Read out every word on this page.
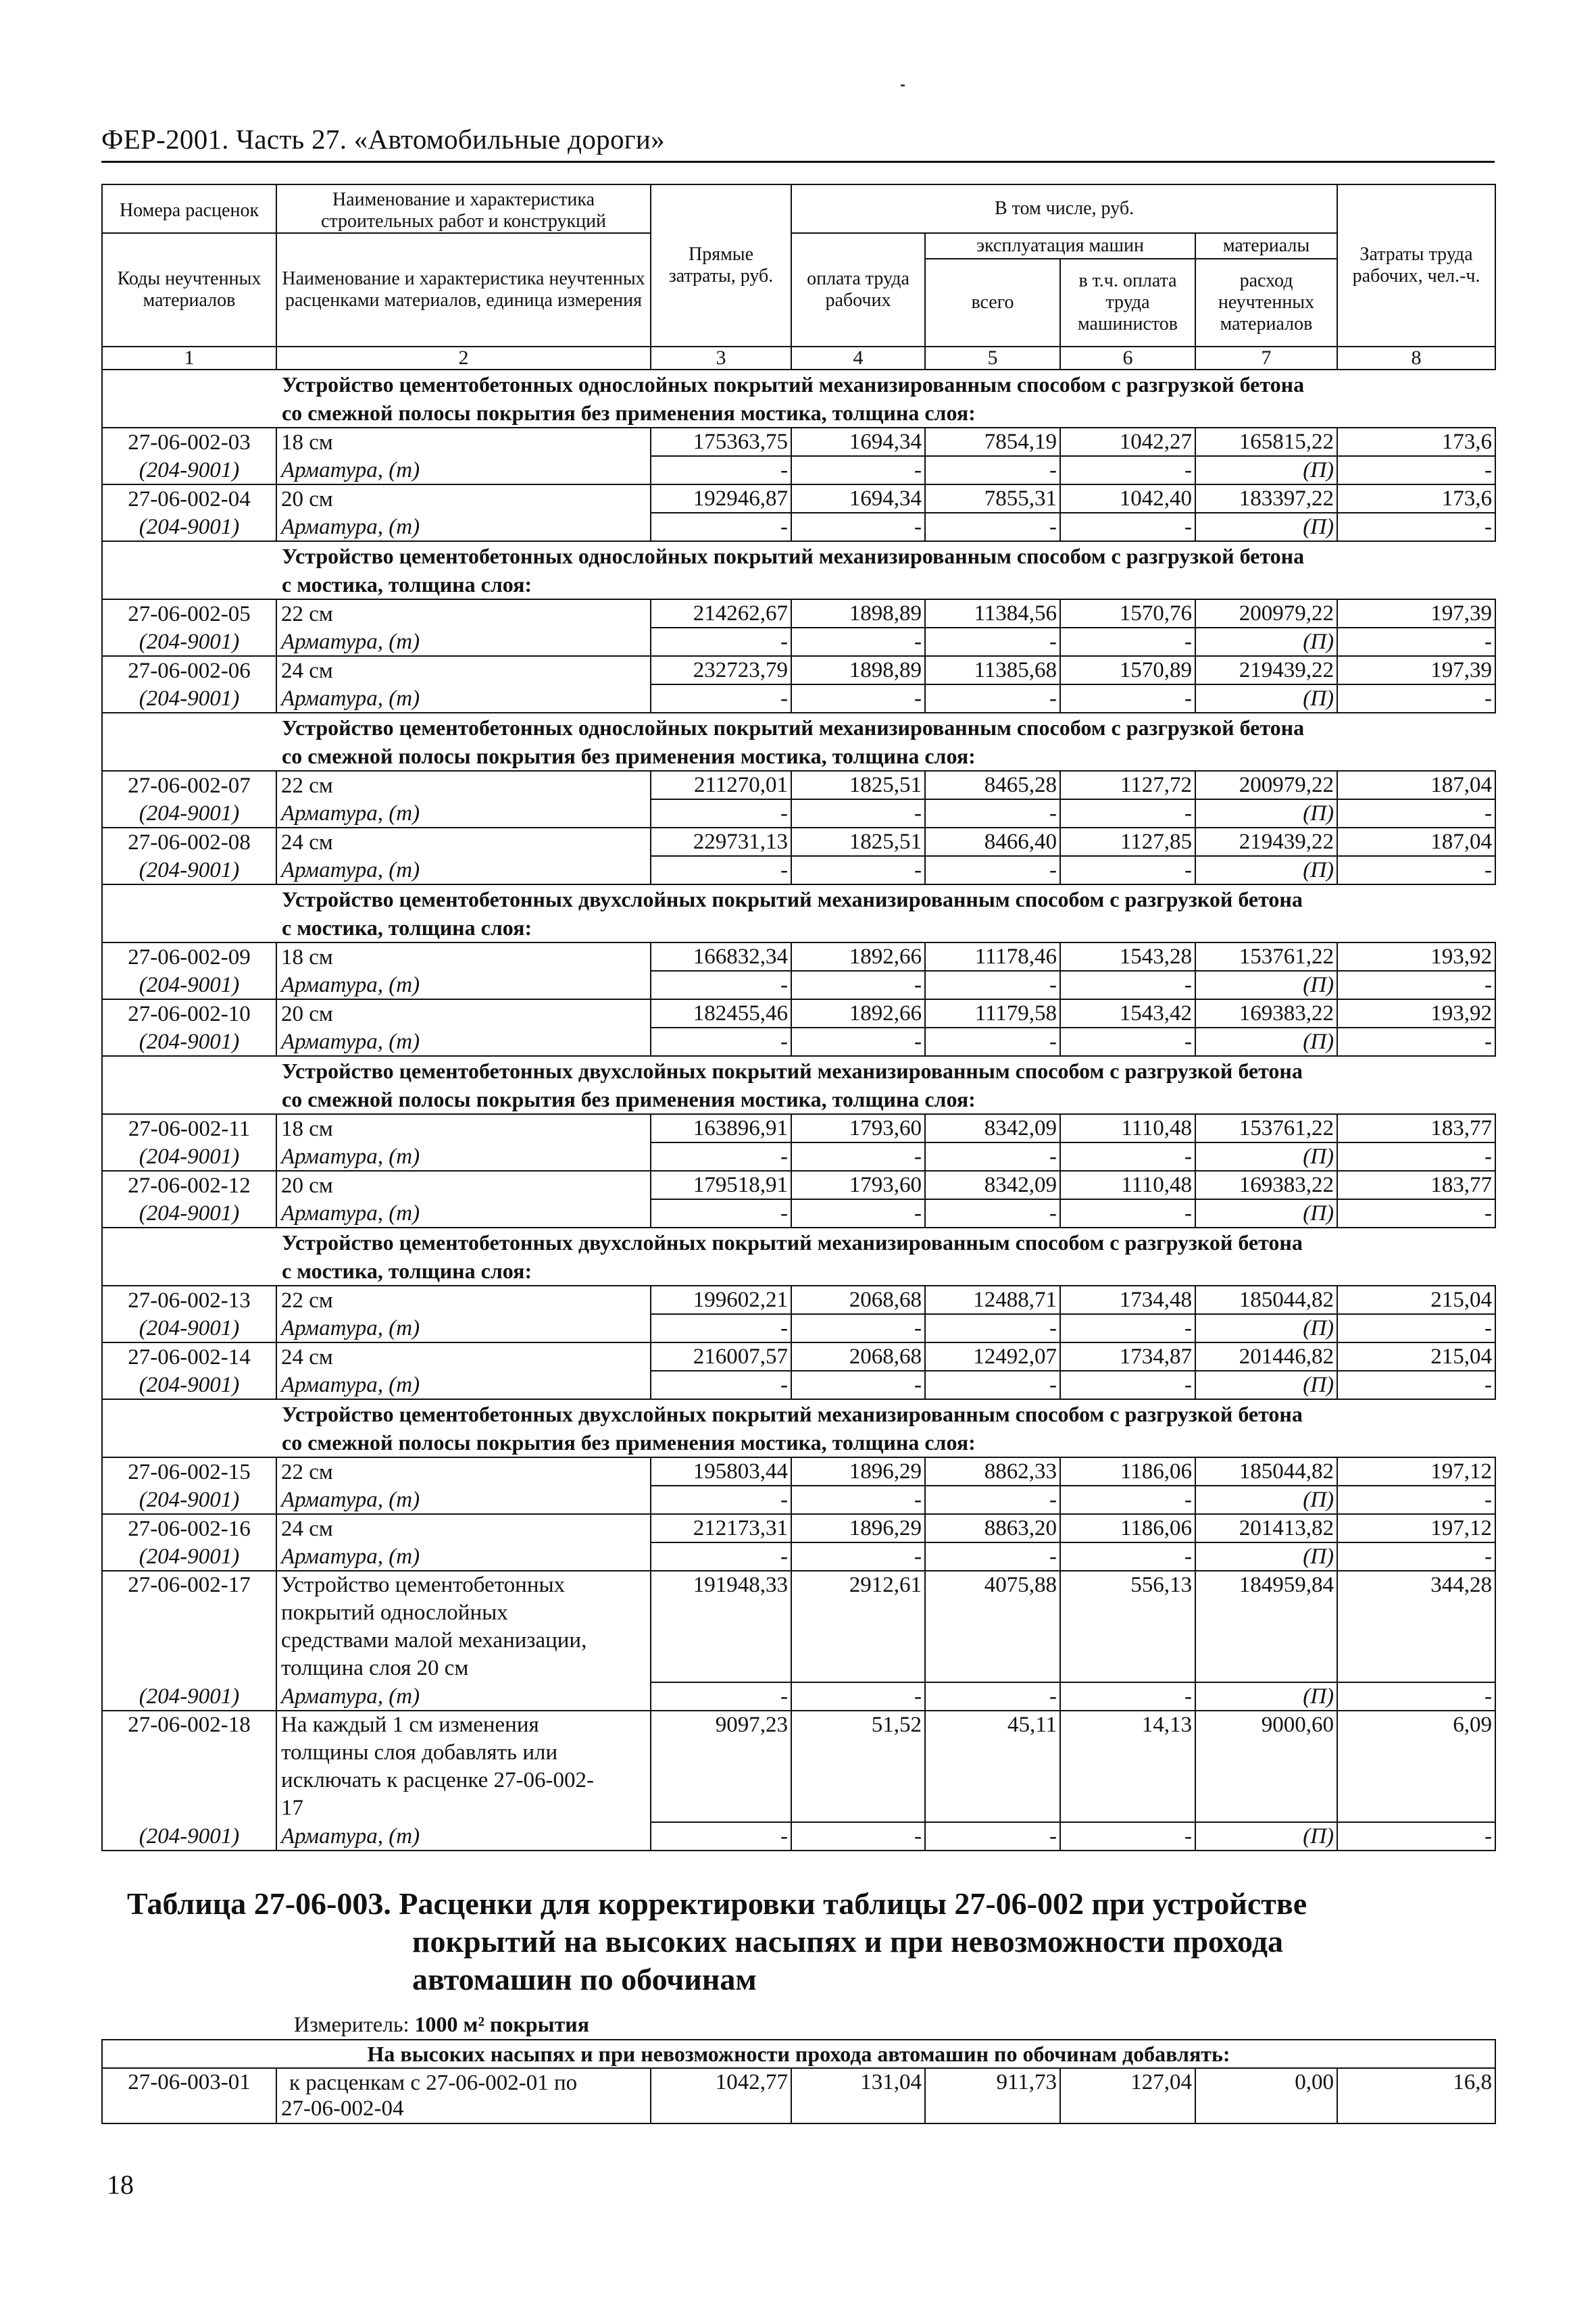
ФЕР-2001. Часть 27. «Автомобильные дороги»
Номера расценок	Наименование и характеристика строительных работ и конструкций	Прямые затраты, руб.	В том числе, руб.				Затраты труда рабочих, чел.-ч.
Коды неучтенных материалов	Наименование и характеристика неучтенных расценками материалов, единица измерения		оплата труда рабочих	эксплуатация машин		материалы	
				всего	в т.ч. оплата труда машинистов	расход неучтенных материалов	
1	2	3	4	5	6	7	8

	Устройство цементобетонных однослойных покрытий механизированным способом с разгрузкой бетона
со смежной полосы покрытия без применения мостика, толщина слоя:						

27-06-002-03	18 см	175363,75	1694,34	7854,19	1042,27	165815,22	173,6
(204-9001)	Арматура, (т)	-	-	-	-	(П)	-
27-06-002-04	20 см	192946,87	1694,34	7855,31	1042,40	183397,22	173,6
(204-9001)	Арматура, (т)	-	-	-	-	(П)	-

	Устройство цементобетонных однослойных покрытий механизированным способом с разгрузкой бетона
с мостика, толщина слоя:						

27-06-002-05	22 см	214262,67	1898,89	11384,56	1570,76	200979,22	197,39
(204-9001)	Арматура, (т)	-	-	-	-	(П)	-
27-06-002-06	24 см	232723,79	1898,89	11385,68	1570,89	219439,22	197,39
(204-9001)	Арматура, (т)	-	-	-	-	(П)	-

	Устройство цементобетонных однослойных покрытий механизированным способом с разгрузкой бетона
со смежной полосы покрытия без применения мостика, толщина слоя:						

27-06-002-07	22 см	211270,01	1825,51	8465,28	1127,72	200979,22	187,04
(204-9001)	Арматура, (т)	-	-	-	-	(П)	-
27-06-002-08	24 см	229731,13	1825,51	8466,40	1127,85	219439,22	187,04
(204-9001)	Арматура, (т)	-	-	-	-	(П)	-

	Устройство цементобетонных двухслойных покрытий механизированным способом с разгрузкой бетона
с мостика, толщина слоя:						

27-06-002-09	18 см	166832,34	1892,66	11178,46	1543,28	153761,22	193,92
(204-9001)	Арматура, (т)	-	-	-	-	(П)	-
27-06-002-10	20 см	182455,46	1892,66	11179,58	1543,42	169383,22	193,92
(204-9001)	Арматура, (т)	-	-	-	-	(П)	-

	Устройство цементобетонных двухслойных покрытий механизированным способом с разгрузкой бетона
со смежной полосы покрытия без применения мостика, толщина слоя:						

27-06-002-11	18 см	163896,91	1793,60	8342,09	1110,48	153761,22	183,77
(204-9001)	Арматура, (т)	-	-	-	-	(П)	-
27-06-002-12	20 см	179518,91	1793,60	8342,09	1110,48	169383,22	183,77
(204-9001)	Арматура, (т)	-	-	-	-	(П)	-

	Устройство цементобетонных двухслойных покрытий механизированным способом с разгрузкой бетона
с мостика, толщина слоя:						

27-06-002-13	22 см	199602,21	2068,68	12488,71	1734,48	185044,82	215,04
(204-9001)	Арматура, (т)	-	-	-	-	(П)	-
27-06-002-14	24 см	216007,57	2068,68	12492,07	1734,87	201446,82	215,04
(204-9001)	Арматура, (т)	-	-	-	-	(П)	-

	Устройство цементобетонных двухслойных покрытий механизированным способом с разгрузкой бетона
со смежной полосы покрытия без применения мостика, толщина слоя:						

27-06-002-15	22 см	195803,44	1896,29	8862,33	1186,06	185044,82	197,12
(204-9001)	Арматура, (т)	-	-	-	-	(П)	-
27-06-002-16	24 см	212173,31	1896,29	8863,20	1186,06	201413,82	197,12
(204-9001)	Арматура, (т)	-	-	-	-	(П)	-
27-06-002-17	Устройство цементобетонных
покрытий однослойных
средствами малой механизации,
толщина слоя 20 см	191948,33	2912,61	4075,88	556,13	184959,84	344,28
(204-9001)	Арматура, (т)	-	-	-	-	(П)	-
27-06-002-18	На каждый 1 см изменения
толщины слоя добавлять или
исключать к расценке 27-06-002-
17	9097,23	51,52	45,11	14,13	9000,60	6,09
(204-9001)	Арматура, (т)	-	-	-	-	(П)	-
Таблица 27-06-003. Расценки для корректировки таблицы 27-06-002 при устройстве
покрытий на высоких насыпях и при невозможности прохода
автомашин по обочинам
Измеритель: 1000 м² покрытия
На высоких насыпях и при невозможности прохода автомашин по обочинам добавлять:
27-06-003-01	к расценкам с 27-06-002-01 по
27-06-002-04
	1042,77	131,04	911,73	127,04	0,00	16,8
18
